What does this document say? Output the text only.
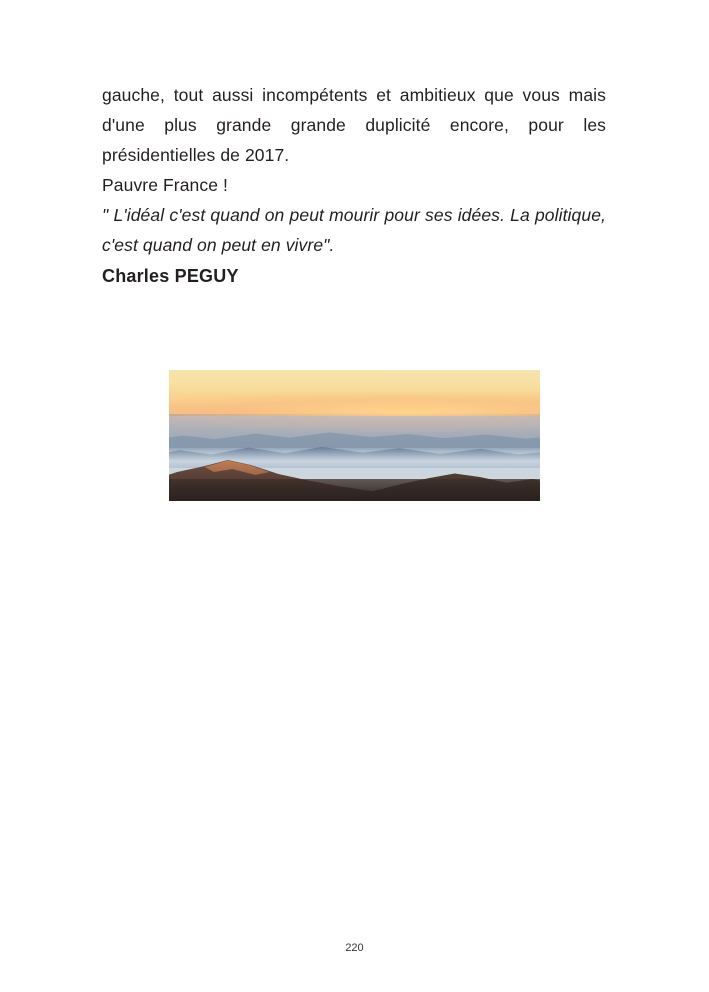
gauche, tout aussi incompétents et ambitieux que vous mais d'une plus grande grande duplicité encore, pour les présidentielles de 2017.

Pauvre France !

" L'idéal c'est quand on peut mourir pour ses idées. La politique, c'est quand on peut en vivre".

Charles PEGUY

220
